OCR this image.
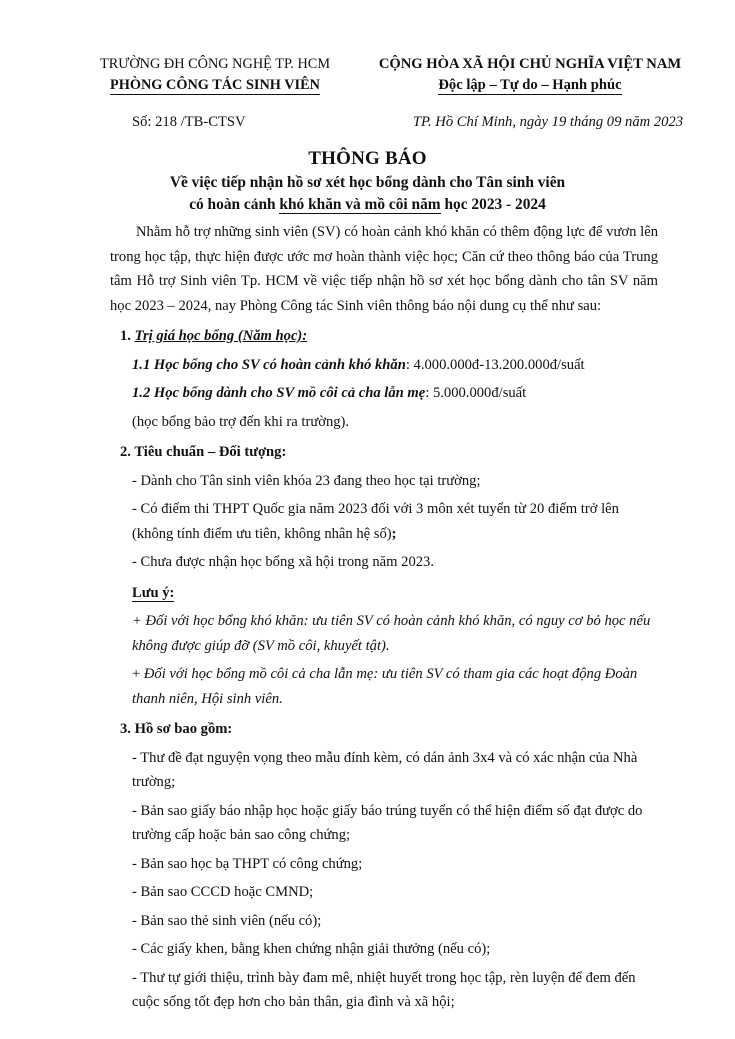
TRƯỜNG ĐH CÔNG NGHỆ TP. HCM
PHÒNG CÔNG TÁC SINH VIÊN
CỘNG HÒA XÃ HỘI CHỦ NGHĨA VIỆT NAM
Độc lập – Tự do – Hạnh phúc
Số: 218 /TB-CTSV	TP. Hồ Chí Minh, ngày 19 tháng 09 năm 2023
THÔNG BÁO
Về việc tiếp nhận hồ sơ xét học bổng dành cho Tân sinh viên
có hoàn cảnh khó khăn và mồ côi năm học 2023 - 2024

Nhằm hỗ trợ những sinh viên (SV) có hoàn cảnh khó khăn có thêm động lực để vươn lên trong học tập, thực hiện được ước mơ hoàn thành việc học; Căn cứ theo thông báo của Trung tâm Hỗ trợ Sinh viên Tp. HCM về việc tiếp nhận hồ sơ xét học bổng dành cho tân SV năm học 2023 – 2024, nay Phòng Công tác Sinh viên thông báo nội dung cụ thể như sau:

1. Trị giá học bổng (Năm học):

1.1 Học bổng cho SV có hoàn cảnh khó khăn: 4.000.000đ-13.200.000đ/suất

1.2 Học bổng dành cho SV mồ côi cả cha lẫn mẹ: 5.000.000đ/suất

(học bổng bảo trợ đến khi ra trường).

2. Tiêu chuẩn – Đối tượng:

- Dành cho Tân sinh viên khóa 23 đang theo học tại trường;

- Có điểm thi THPT Quốc gia năm 2023 đối với 3 môn xét tuyển từ 20 điểm trở lên (không tính điểm ưu tiên, không nhân hệ số);

- Chưa được nhận học bổng xã hội trong năm 2023.

Lưu ý:

+ Đối với học bổng khó khăn: ưu tiên SV có hoàn cảnh khó khăn, có nguy cơ bỏ học nếu không được giúp đỡ (SV mồ côi, khuyết tật).

+ Đối với học bổng mồ côi cả cha lẫn mẹ: ưu tiên SV có tham gia các hoạt động Đoàn thanh niên, Hội sinh viên.

3. Hồ sơ bao gồm:

- Thư đề đạt nguyện vọng theo mẫu đính kèm, có dán ảnh 3x4 và có xác nhận của Nhà trường;

- Bản sao giấy báo nhập học hoặc giấy báo trúng tuyển có thể hiện điểm số đạt được do trường cấp hoặc bản sao công chứng;

- Bản sao học bạ THPT có công chứng;

- Bản sao CCCD hoặc CMND;

- Bản sao thẻ sinh viên (nếu có);

- Các giấy khen, bằng khen chứng nhận giải thưởng (nếu có);

- Thư tự giới thiệu, trình bày đam mê, nhiệt huyết trong học tập, rèn luyện để đem đến cuộc sống tốt đẹp hơn cho bản thân, gia đình và xã hội;
